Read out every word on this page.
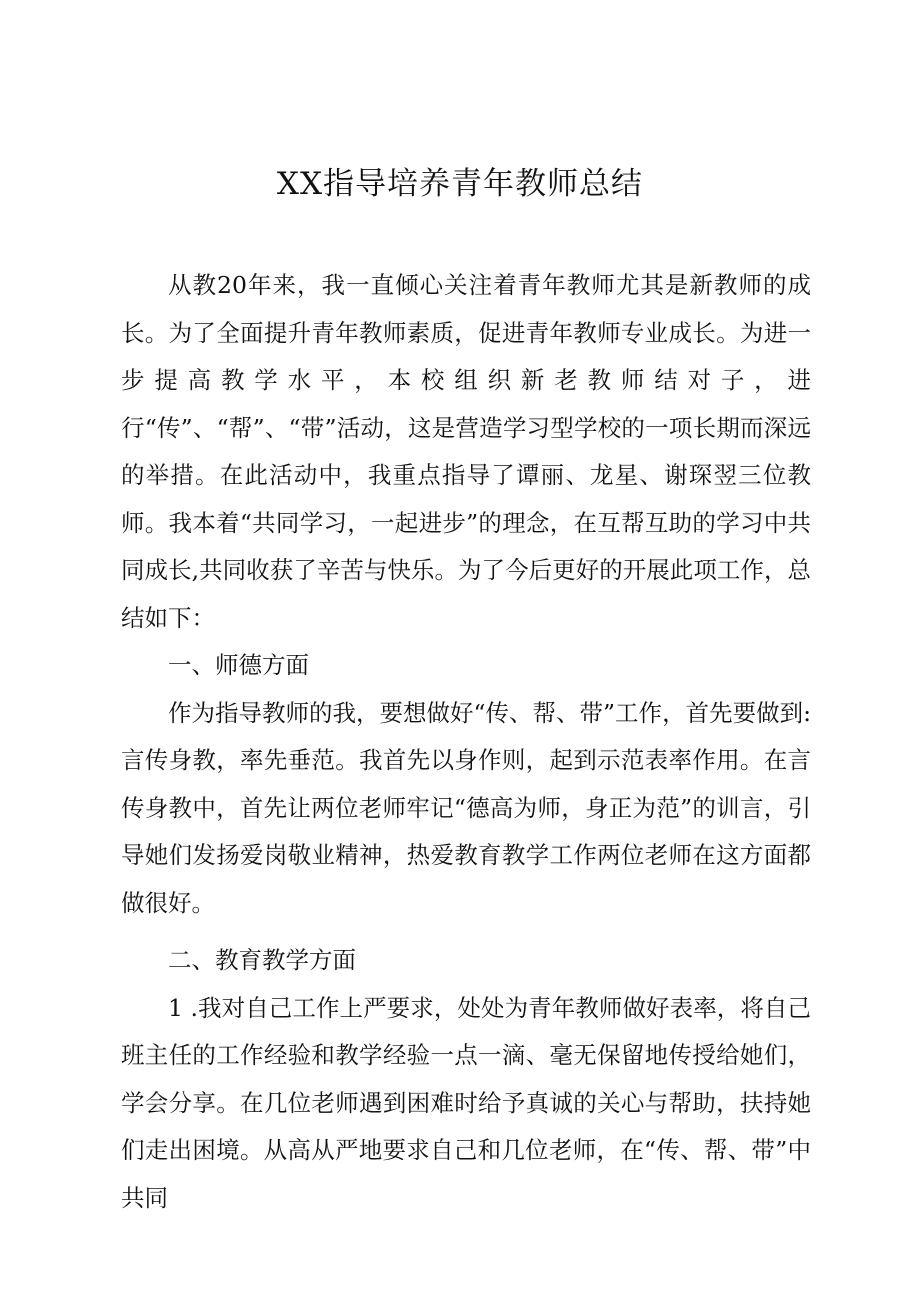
XX指导培养青年教师总结

从教20年来，我一直倾心关注着青年教师尤其是新教师的成长。为了全面提升青年教师素质，促进青年教师专业成长。为进一步提高教学水平，本校组织新老教师结对子，进行“传”、“帮”、“带”活动，这是营造学习型学校的一项长期而深远的举措。在此活动中，我重点指导了谭丽、龙星、谢琛翌三位教师。我本着“共同学习，一起进步”的理念，在互帮互助的学习中共同成长,共同收获了辛苦与快乐。为了今后更好的开展此项工作，总结如下：

一、师德方面

作为指导教师的我，要想做好“传、帮、带”工作，首先要做到:言传身教，率先垂范。我首先以身作则，起到示范表率作用。在言传身教中，首先让两位老师牢记“德高为师，身正为范”的训言，引导她们发扬爱岗敬业精神，热爱教育教学工作两位老师在这方面都做很好。

二、教育教学方面

1 .我对自己工作上严要求，处处为青年教师做好表率，将自己班主任的工作经验和教学经验一点一滴、毫无保留地传授给她们，学会分享。在几位老师遇到困难时给予真诚的关心与帮助，扶持她们走出困境。从高从严地要求自己和几位老师，在“传、帮、带”中共同
